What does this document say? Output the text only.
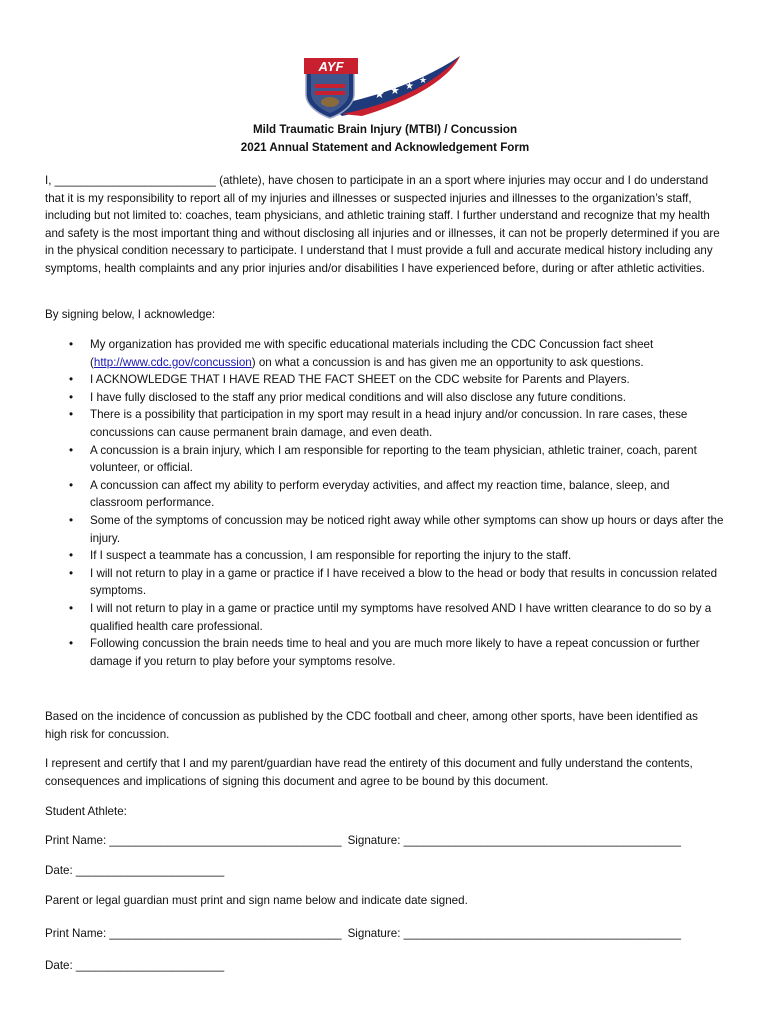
★ ★ ★ ★
AYF
Mild Traumatic Brain Injury (MTBI) / Concussion
2021 Annual Statement and Acknowledgement Form
I, _________________________ (athlete), have chosen to participate in an a sport where injuries may occur and I do understand that it is my responsibility to report all of my injuries and illnesses or suspected injuries and illnesses to the organization’s staff, including but not limited to: coaches, team physicians, and athletic training staff. I further understand and recognize that my health and safety is the most important thing and without disclosing all injuries and or illnesses, it can not be properly determined if you are in the physical condition necessary to participate. I understand that I must provide a full and accurate medical history including any symptoms, health complaints and any prior injuries and/or disabilities I have experienced before, during or after athletic activities.
By signing below, I acknowledge:
• My organization has provided me with specific educational materials including the CDC Concussion fact sheet (http://www.cdc.gov/concussion) on what a concussion is and has given me an opportunity to ask questions.
• I ACKNOWLEDGE THAT I HAVE READ THE FACT SHEET on the CDC website for Parents and Players.
• I have fully disclosed to the staff any prior medical conditions and will also disclose any future conditions.
• There is a possibility that participation in my sport may result in a head injury and/or concussion. In rare cases, these concussions can cause permanent brain damage, and even death.
• A concussion is a brain injury, which I am responsible for reporting to the team physician, athletic trainer, coach, parent volunteer, or official.
• A concussion can affect my ability to perform everyday activities, and affect my reaction time, balance, sleep, and classroom performance.
• Some of the symptoms of concussion may be noticed right away while other symptoms can show up hours or days after the injury.
• If I suspect a teammate has a concussion, I am responsible for reporting the injury to the staff.
• I will not return to play in a game or practice if I have received a blow to the head or body that results in concussion related symptoms.
• I will not return to play in a game or practice until my symptoms have resolved AND I have written clearance to do so by a qualified health care professional.
• Following concussion the brain needs time to heal and you are much more likely to have a repeat concussion or further damage if you return to play before your symptoms resolve.
Based on the incidence of concussion as published by the CDC football and cheer, among other sports, have been identified as high risk for concussion.
I represent and certify that I and my parent/guardian have read the entirety of this document and fully understand the contents, consequences and implications of signing this document and agree to be bound by this document.
Student Athlete:
Print Name: ____________________________________ Signature: ___________________________________________
Date: _______________________
Parent or legal guardian must print and sign name below and indicate date signed.
Print Name: ____________________________________ Signature: ___________________________________________
Date: _______________________
